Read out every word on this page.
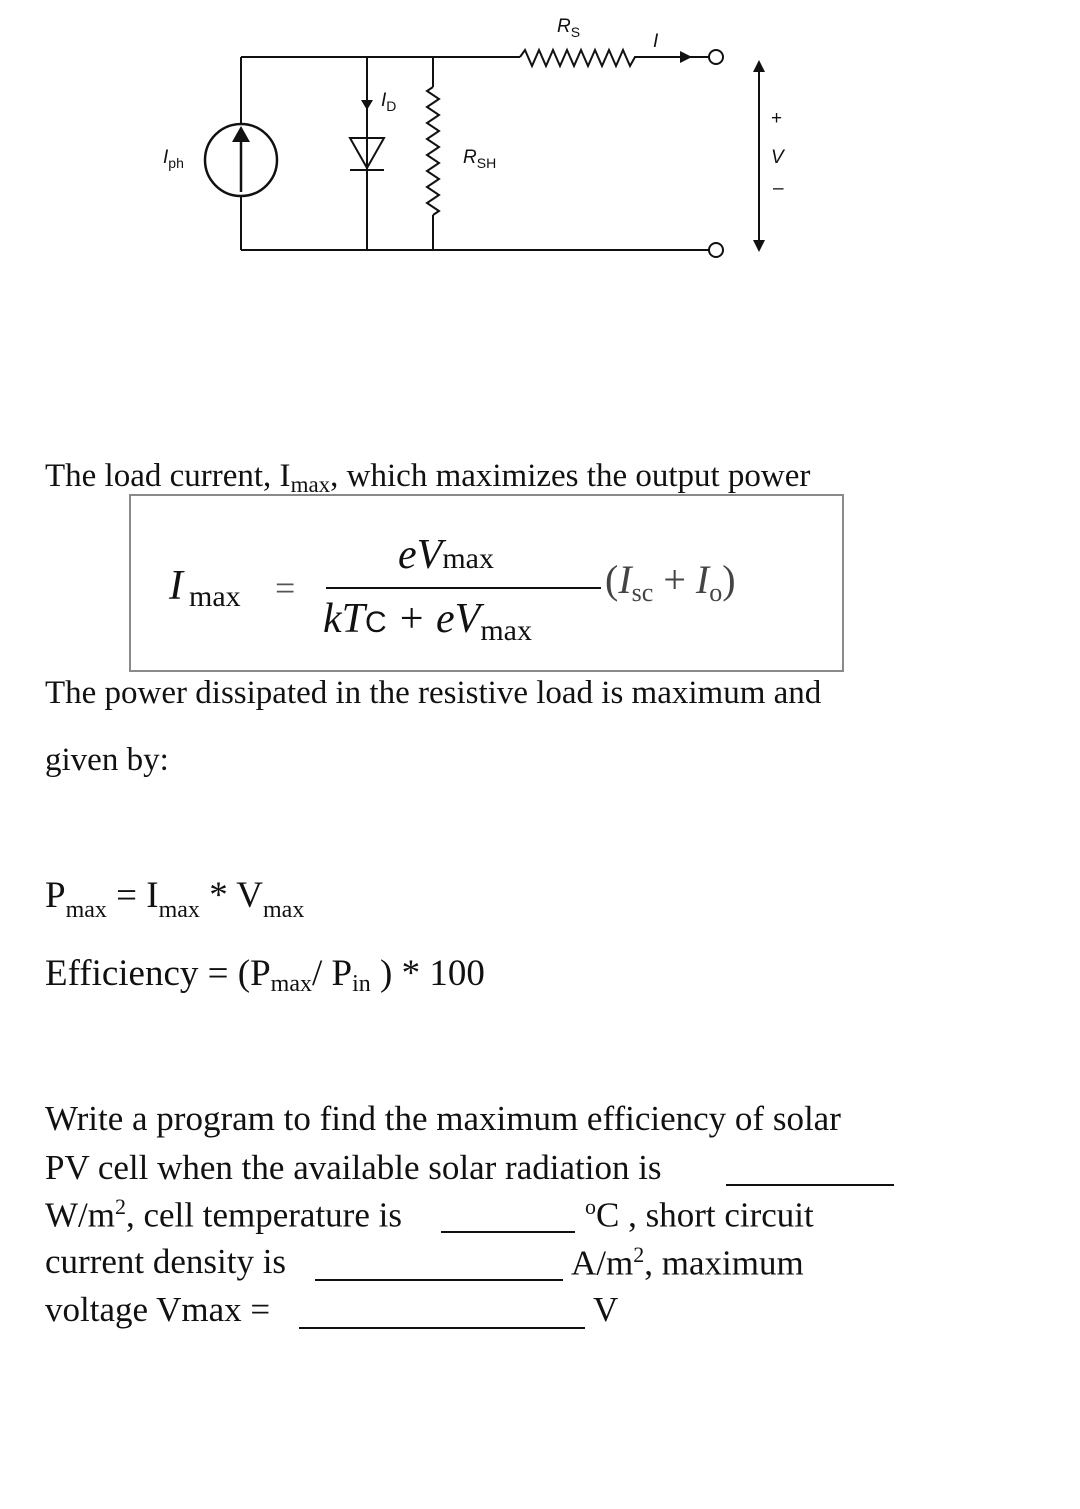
$R_S$	I
$I_D$
$I_{ph}$	$R_{SH}$
+
V
–
The load current, Imax, which maximizes the output power
I max =
eVmax
kTC + eVmax
$(I_{sc} + I_o)$
The power dissipated in the resistive load is maximum and
given by:
$P_{max} = I_{max} * V_{max}$
Efficiency = (Pmax/ Pin ) * 100
Write a program to find the maximum efficiency of solar
PV cell when the available solar radiation is
$W/m^2$, cell temperature is	$^o$C , short circuit
current density is	$A/m^2$, maximum
voltage Vmax =	V
